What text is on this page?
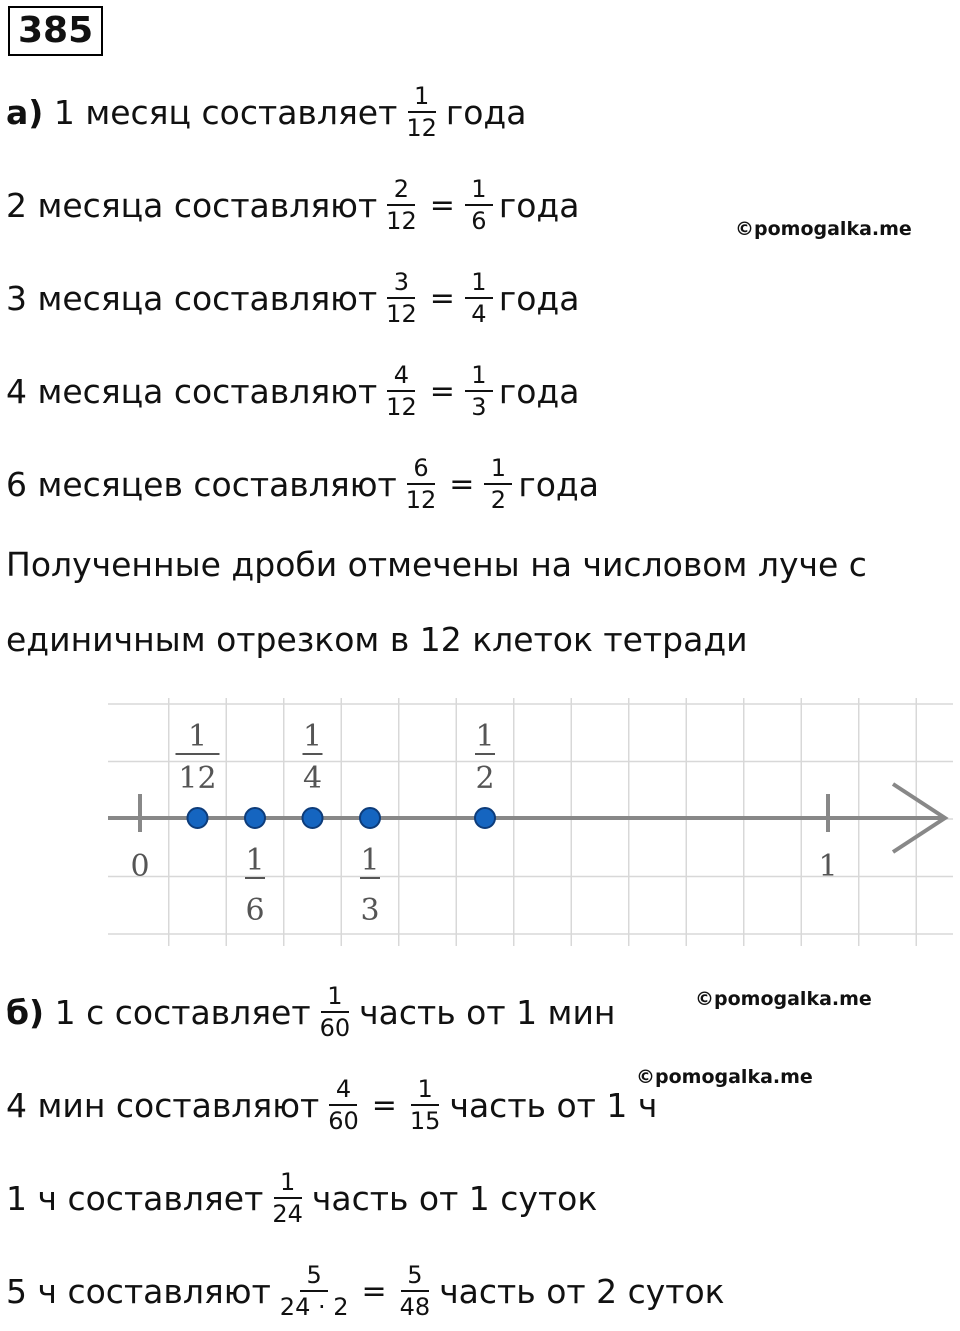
385
а)
1 месяц составляет $\frac{1}{12}$ года
2 месяца составляют $\frac{2}{12} = \frac{1}{6}$ года
3 месяца составляют $\frac{3}{12} = \frac{1}{4}$ года
4 месяца составляют $\frac{4}{12} = \frac{1}{3}$ года
6 месяцев составляют $\frac{6}{12} = \frac{1}{2}$ года
Полученные дроби отмечены на числовом луче с
единичным отрезком в 12 клеток тетради
©pomogalka.me
0	1
1
12
1
6
1
4
1
3
1
2
©pomogalka.me
©pomogalka.me
б)
1 с составляет $\frac{1}{60}$ часть от 1 мин
4 мин составляют $\frac{4}{60} = \frac{1}{15}$ часть от 1 ч
1 ч составляет $\frac{1}{24}$ часть от 1 суток
5 ч составляют $\frac{5}{24 \cdot 2} = \frac{5}{48}$ часть от 2 суток
